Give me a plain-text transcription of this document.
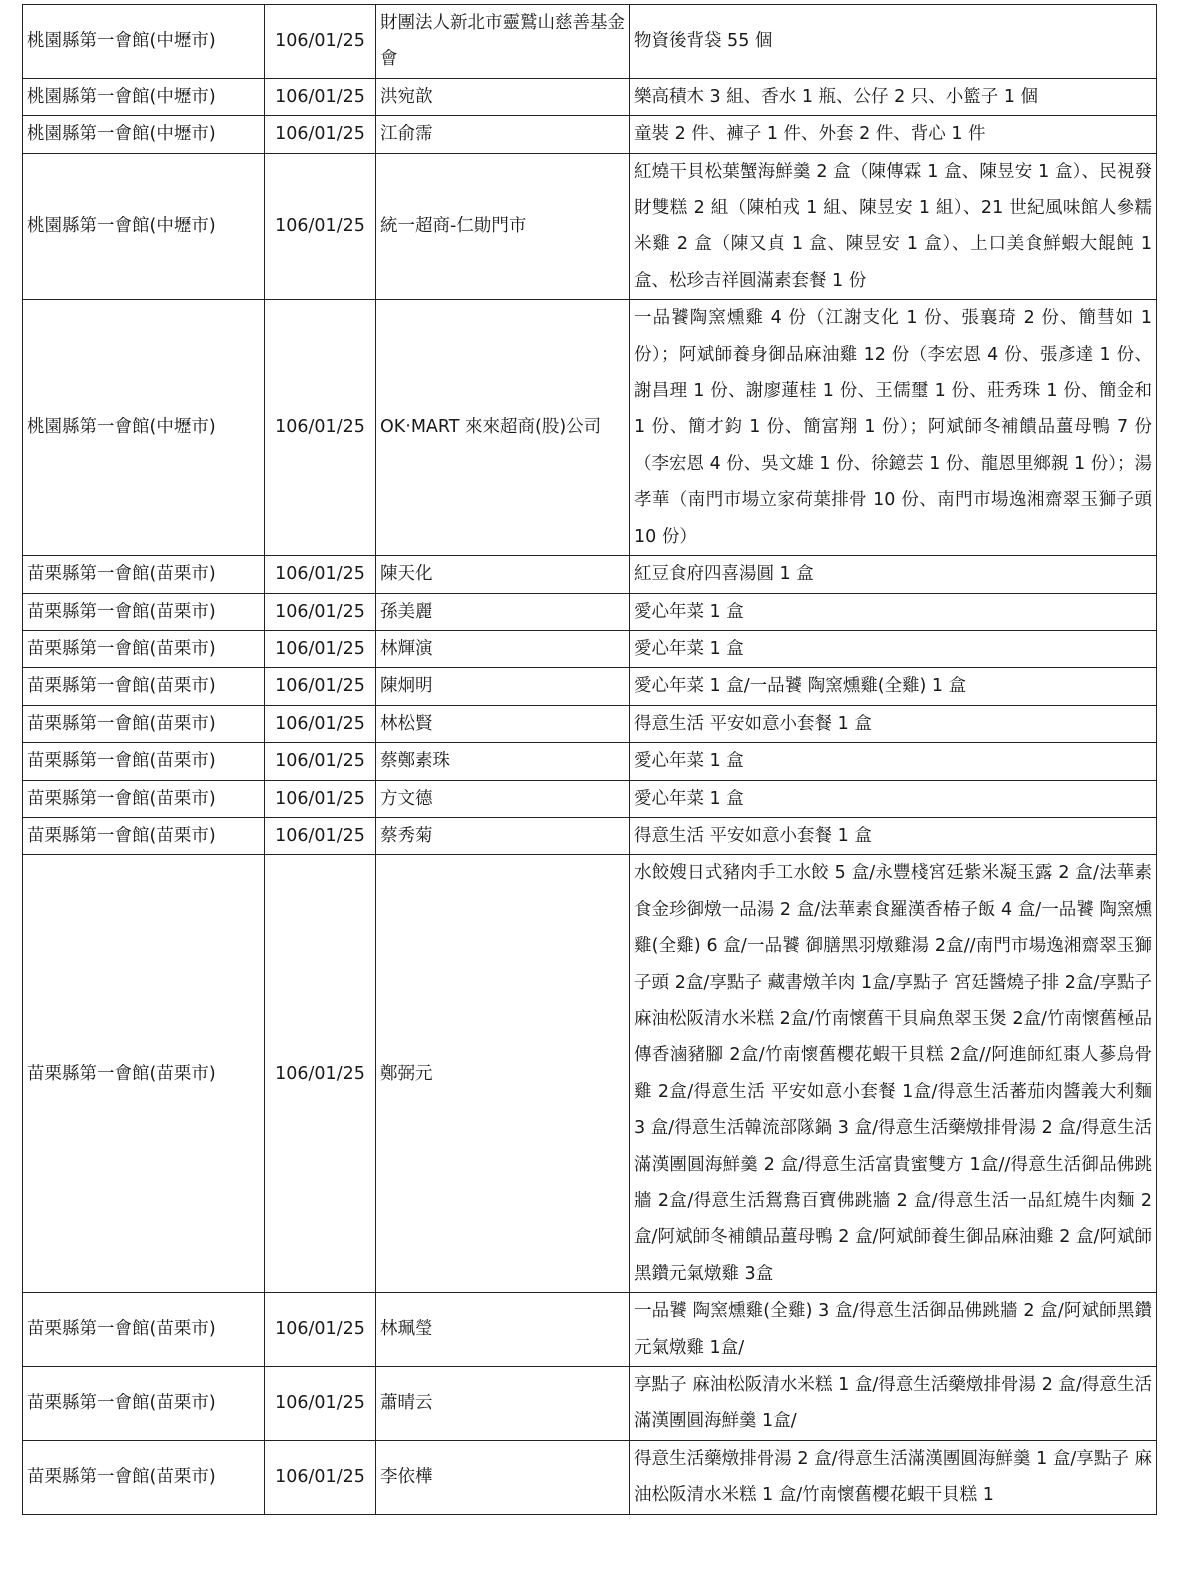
桃園縣第一會館(中壢市)	106/01/25	財團法人新北市靈鷲山慈善基金會	物資後背袋 55 個
桃園縣第一會館(中壢市)	106/01/25	洪宛歆	樂高積木 3 組、香水 1 瓶、公仔 2 只、小籃子 1 個
桃園縣第一會館(中壢市)	106/01/25	江俞霈	童裝 2 件、褲子 1 件、外套 2 件、背心 1 件
桃園縣第一會館(中壢市)	106/01/25	統一超商-仁勛門市	紅燒干貝松葉蟹海鮮羹 2 盒（陳傳霖 1 盒、陳昱安 1 盒）、民視發財雙糕 2 組（陳柏戎 1 組、陳昱安 1 組）、21 世紀風味館人參糯米雞 2 盒（陳又貞 1 盒、陳昱安 1 盒）、上口美食鮮蝦大餛飩 1 盒、松珍吉祥圓滿素套餐 1 份
桃園縣第一會館(中壢市)	106/01/25	OK‧MART 來來超商(股)公司	一品饕陶窯燻雞 4 份（江謝支化 1 份、張襄琦 2 份、簡彗如 1 份）；阿斌師養身御品麻油雞 12 份（李宏恩 4 份、張彥達 1 份、謝昌理 1 份、謝廖蓮桂 1 份、王儒璽 1 份、莊秀珠 1 份、簡金和 1 份、簡才鈞 1 份、簡富翔 1 份）；阿斌師冬補饋品薑母鴨 7 份（李宏恩 4 份、吳文雄 1 份、徐鐿芸 1 份、龍恩里鄉親 1 份）；湯孝華（南門市場立家荷葉排骨 10 份、南門市場逸湘齋翠玉獅子頭 10 份）
苗栗縣第一會館(苗栗市)	106/01/25	陳天化	紅豆食府四喜湯圓 1 盒
苗栗縣第一會館(苗栗市)	106/01/25	孫美麗	愛心年菜 1 盒
苗栗縣第一會館(苗栗市)	106/01/25	林輝演	愛心年菜 1 盒
苗栗縣第一會館(苗栗市)	106/01/25	陳炯明	愛心年菜 1 盒/一品饕 陶窯燻雞(全雞) 1 盒
苗栗縣第一會館(苗栗市)	106/01/25	林松賢	得意生活 平安如意小套餐 1 盒
苗栗縣第一會館(苗栗市)	106/01/25	蔡鄭素珠	愛心年菜 1 盒
苗栗縣第一會館(苗栗市)	106/01/25	方文德	愛心年菜 1 盒
苗栗縣第一會館(苗栗市)	106/01/25	蔡秀菊	得意生活 平安如意小套餐 1 盒
苗栗縣第一會館(苗栗市)	106/01/25	鄭弼元	水餃嫂日式豬肉手工水餃 5 盒/永豐棧宮廷紫米凝玉露 2 盒/法華素食金珍御燉一品湯 2 盒/法華素食羅漢香椿子飯 4 盒/一品饕 陶窯燻雞(全雞) 6 盒/一品饕 御膳黑羽燉雞湯 2盒//南門市場逸湘齋翠玉獅子頭 2盒/享點子 藏書燉羊肉 1盒/享點子 宮廷醬燒子排 2盒/享點子 麻油松阪清水米糕 2盒/竹南懷舊干貝扁魚翠玉煲 2盒/竹南懷舊極品傳香滷豬腳 2盒/竹南懷舊櫻花蝦干貝糕 2盒//阿進師紅棗人蔘烏骨雞 2盒/得意生活 平安如意小套餐 1盒/得意生活蕃茄肉醬義大利麵 3 盒/得意生活韓流部隊鍋 3 盒/得意生活藥燉排骨湯 2 盒/得意生活滿漢團圓海鮮羹 2 盒/得意生活富貴蜜雙方 1盒//得意生活御品佛跳牆 2盒/得意生活鴛鴦百寶佛跳牆 2 盒/得意生活一品紅燒牛肉麵 2 盒/阿斌師冬補饋品薑母鴨 2 盒/阿斌師養生御品麻油雞 2 盒/阿斌師黑鑽元氣燉雞 3盒
苗栗縣第一會館(苗栗市)	106/01/25	林珮瑩	一品饕 陶窯燻雞(全雞) 3 盒/得意生活御品佛跳牆 2 盒/阿斌師黑鑽元氣燉雞 1盒/
苗栗縣第一會館(苗栗市)	106/01/25	蕭晴云	享點子 麻油松阪清水米糕 1 盒/得意生活藥燉排骨湯 2 盒/得意生活滿漢團圓海鮮羹 1盒/
苗栗縣第一會館(苗栗市)	106/01/25	李依樺	得意生活藥燉排骨湯 2 盒/得意生活滿漢團圓海鮮羹 1 盒/享點子 麻油松阪清水米糕 1 盒/竹南懷舊櫻花蝦干貝糕 1
